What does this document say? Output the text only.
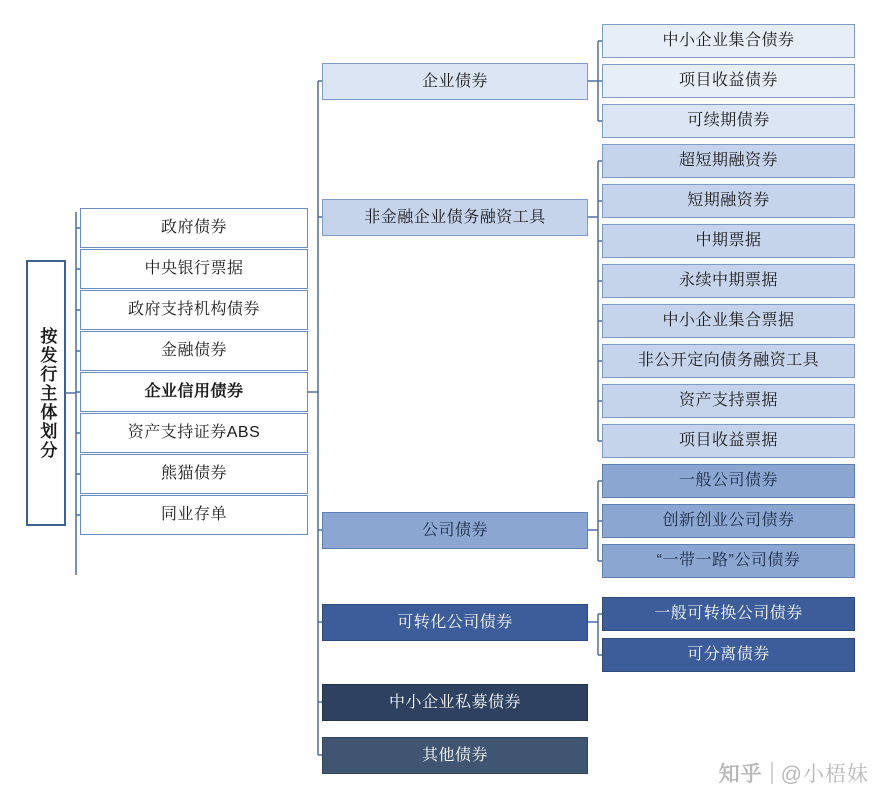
按发行主体划分
政府债券
中央银行票据
政府支持机构债券
金融债券
企业信用债券
资产支持证券ABS
熊猫债券
同业存单
企业债券
非金融企业债务融资工具
公司债券
可转化公司债券
中小企业私募债券
其他债券
中小企业集合债券
项目收益债券
可续期债券
超短期融资券
短期融资券
中期票据
永续中期票据
中小企业集合票据
非公开定向债务融资工具
资产支持票据
项目收益票据
一般公司债券
创新创业公司债券
“一带一路”公司债券
一般可转换公司债券
可分离债券
知乎 @小梧妹
